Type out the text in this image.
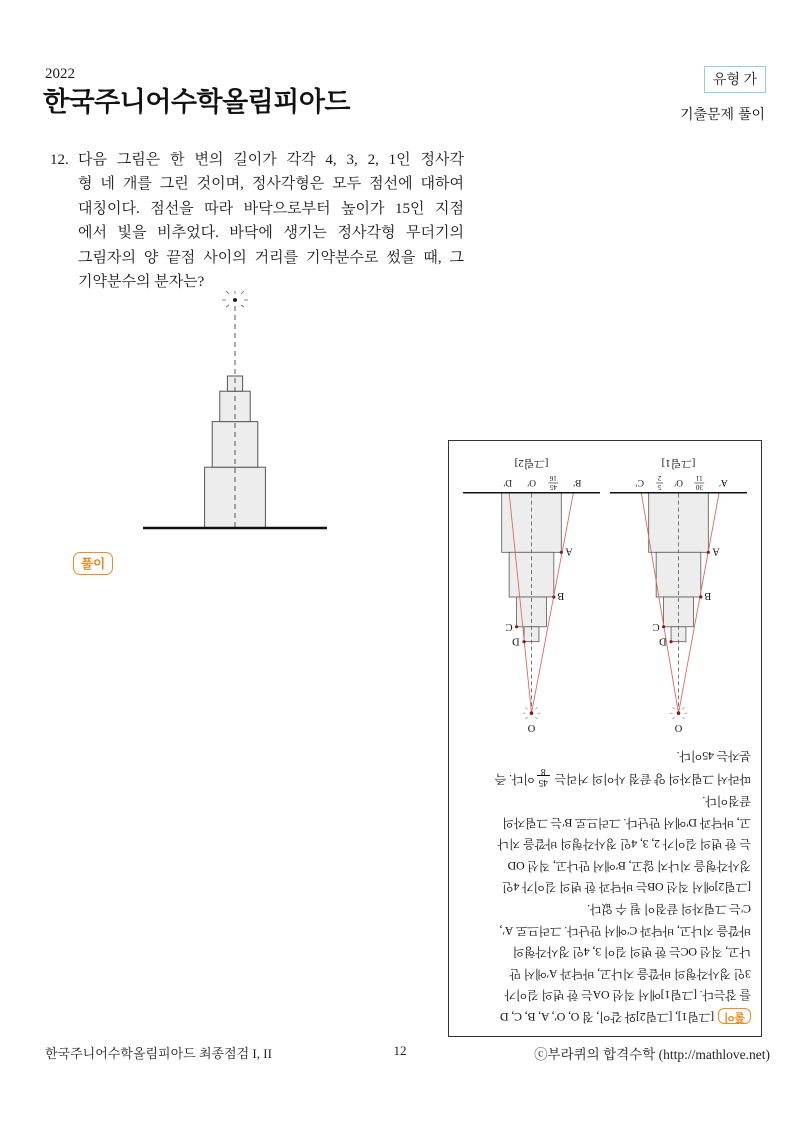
2022
한국주니어수학올림피아드
유형 가
기출문제 풀이
12. 다음 그림은 한 변의 길이가 각각 4, 3, 2, 1인 정사각
형 네 개를 그린 것이며, 정사각형은 모두 점선에 대하여
대칭이다. 점선을 따라 바닥으로부터 높이가 15인 지점
에서 빛을 비추었다. 바닥에 생기는 정사각형 무더기의
그림자의 양 끝점 사이의 거리를 기약분수로 썼을 때, 그
기약분수의 분자는?
풀이
풀이[그림1], [그림2]와 같이, 점 O, O′, A, B, C, D
를 잡는다. [그림1]에서 직선 OA는 한 변의 길이가
3인 정사각형의 바깥을 지나고, 바닥과 A′에서 만
나고, 직선 OC는 한 변의 길이 3, 4인 정사각형의
바깥을 지나고, 바닥과 C′에서 만난다. 그러므로 A′,
C′는 그림자의 끝점이 될 수 없다.
[그림2]에서 직선 OB는 바닥과 한 변의 길이가 4인
정사각형을 지나지 않고, B′에서 만나고, 직선 OD
는 한 변의 길이가 2, 3, 4인 정사각형의 바깥을 지나
고, 바닥과 D′에서 만난다. 그러므로 B′는 그림자의
끝점이다.
따라서 그림자의 양 끝점 사이의 거리는
45
8
이다. 즉
분자는 45이다.
O
A
B
C
D
A′
O′
C′	30
11
5
2
[그림1]
O
A
B
C
D
B′
O′
D′	45
16
[그림2]
한국주니어수학올림피아드 최종점검 I, II	12	ⓒ부라퀴의 합격수학 (http://mathlove.net)
